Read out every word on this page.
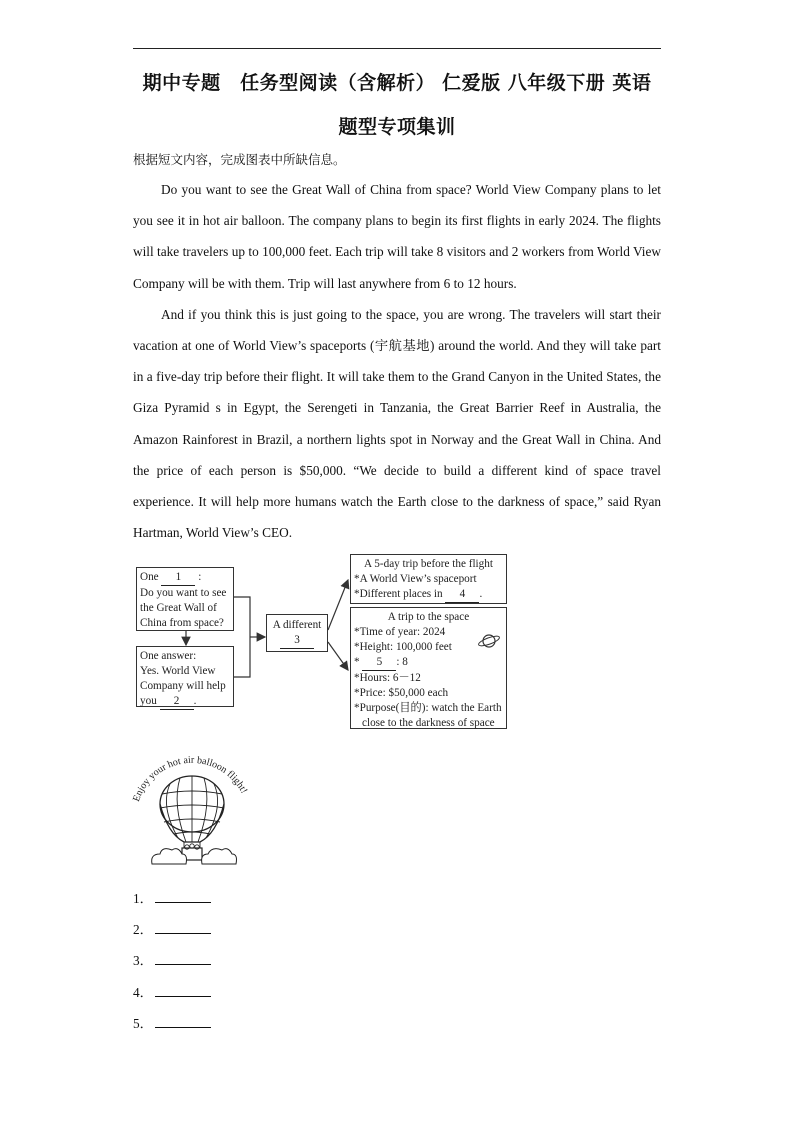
期中专题　任务型阅读（含解析） 仁爱版 八年级下册 英语
题型专项集训
根据短文内容，完成图表中所缺信息。

Do you want to see the Great Wall of China from space? World View Company plans to let you see it in hot air balloon. The company plans to begin its first flights in early 2024. The flights will take travelers up to 100,000 feet. Each trip will take 8 visitors and 2 workers from World View Company will be with them. Trip will last anywhere from 6 to 12 hours.

And if you think this is just going to the space, you are wrong. The travelers will start their vacation at one of World View’s spaceports (宇航基地) around the world. And they will take part in a five-day trip before their flight. It will take them to the Grand Canyon in the United States, the Giza Pyramid s in Egypt, the Serengeti in Tanzania, the Great Barrier Reef in Australia, the Amazon Rainforest in Brazil, a northern lights spot in Norway and the Great Wall in China. And the price of each person is $50,000. “We decide to build a different kind of space travel experience. It will help more humans watch the Earth close to the darkness of space,” said Ryan Hartman, World View’s CEO.

One 1 :
Do you want to see the Great Wall of China from space?
One answer:
Yes. World View Company will help
you 2 .
A different
3
A 5-day trip before the flight
*A World View’s spaceport
*Different places in 4 .
A trip to the space
*Time of year: 2024
*Height: 100,000 feet
* 5 : 8
*Hours: 6－12
*Price: $50,000 each
*Purpose(目的): watch the Earth
close to the darkness of space
Enjoy your hot air balloon flight!
1．
2．
3．
4．
5．
